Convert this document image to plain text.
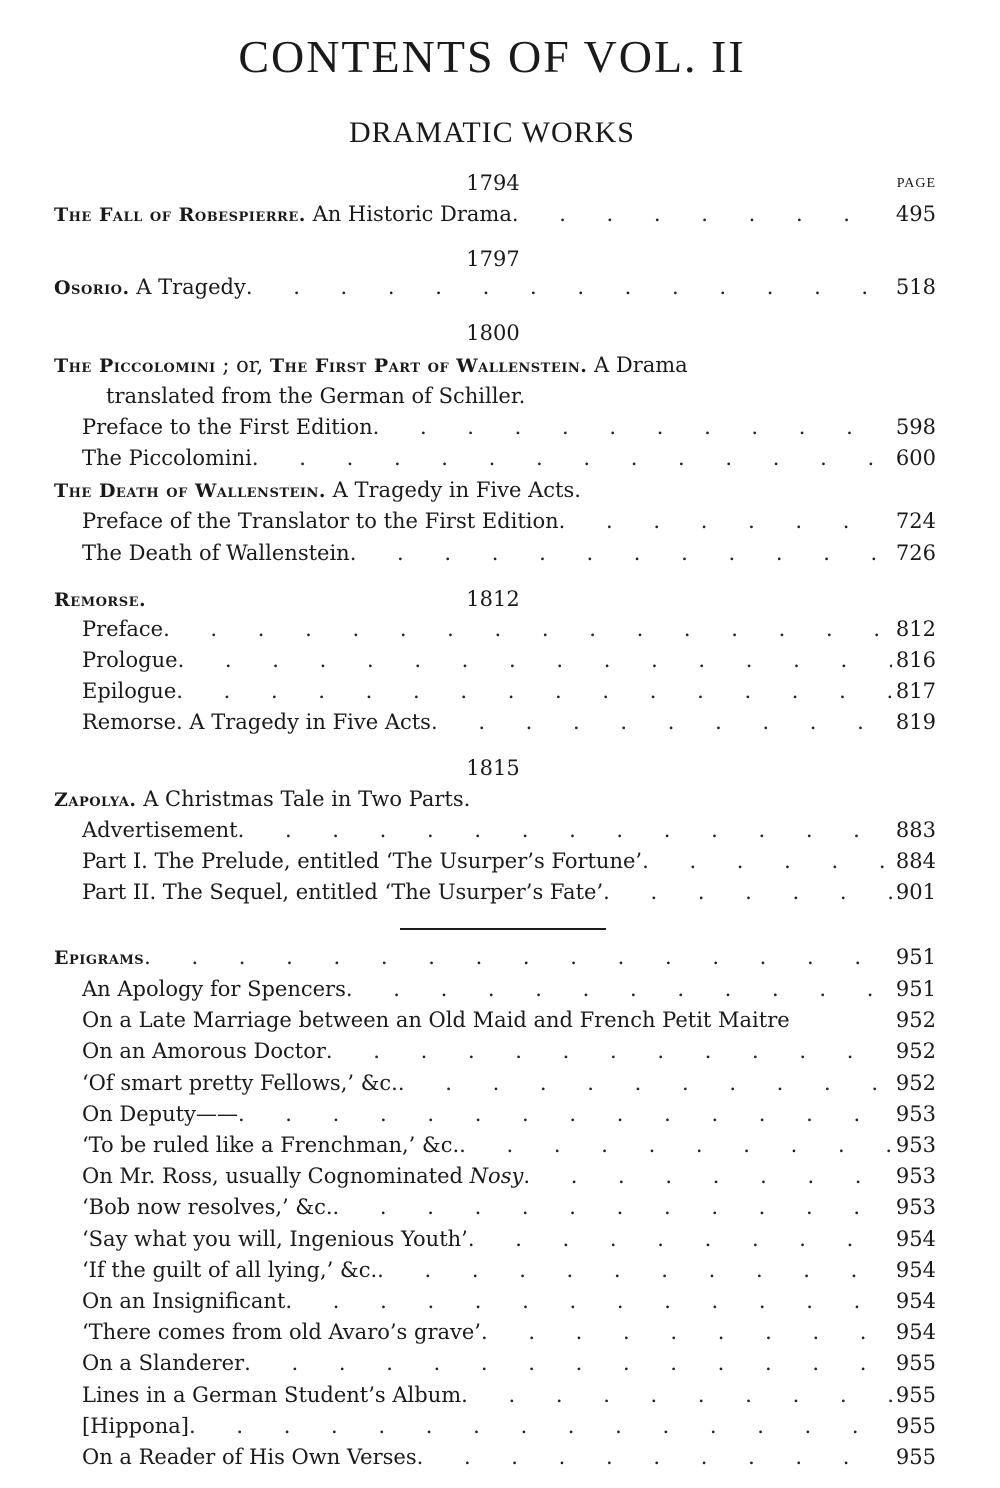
CONTENTS OF VOL. II
DRAMATIC WORKS
PAGE
1794
The Fall of Robespierre. An Historic Drama . . .	495
1797
Osorio. A Tragedy . . .	518
1800
The Piccolomini ; or, The First Part of Wallenstein. A Drama
translated from the German of Schiller.
Preface to the First Edition . . .	598
The Piccolomini . . .	600
The Death of Wallenstein. A Tragedy in Five Acts.
Preface of the Translator to the First Edition . . .	724
The Death of Wallenstein . . .	726
Remorse.	1812
Preface . . .	812
Prologue . . .	816
Epilogue . . .	817
Remorse. A Tragedy in Five Acts . . .	819
1815
Zapolya. A Christmas Tale in Two Parts.
Advertisement . . .	883
Part I. The Prelude, entitled ‘The Usurper’s Fortune’ . . .	884
Part II. The Sequel, entitled ‘The Usurper’s Fate’ . . .	901
Epigrams . . .	951
An Apology for Spencers . . .	951
On a Late Marriage between an Old Maid and French Petit Maitre	952
On an Amorous Doctor . . .	952
‘Of smart pretty Fellows,’ &c. . . .	952
On Deputy—— . . .	953
‘To be ruled like a Frenchman,’ &c. . . .	953
On Mr. Ross, usually Cognominated Nosy . . .	953
‘Bob now resolves,’ &c. . . .	953
‘Say what you will, Ingenious Youth’ . . .	954
‘If the guilt of all lying,’ &c. . . .	954
On an Insignificant . . .	954
‘There comes from old Avaro’s grave’ . . .	954
On a Slanderer . . .	955
Lines in a German Student’s Album . . .	955
[Hippona] . . .	955
On a Reader of His Own Verses . . .	955
